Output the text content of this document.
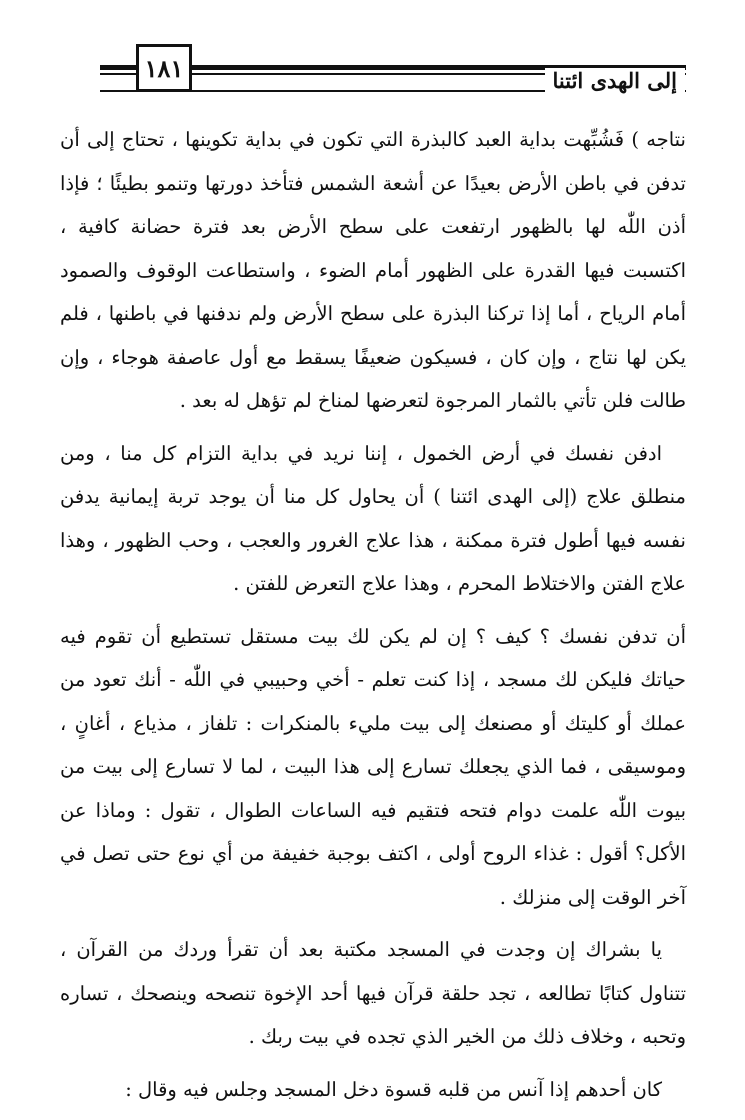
١٨١	إلى الهدى ائتنا

نتاجه ) فَشُبِّهت بداية العبد كالبذرة التي تكون في بداية تكوينها ، تحتاج إلى أن تدفن في باطن الأرض بعيدًا عن أشعة الشمس فتأخذ دورتها وتنمو بطيئًا ؛ فإذا أذن اللّٰه لها بالظهور ارتفعت على سطح الأرض بعد فترة حضانة كافية ، اكتسبت فيها القدرة على الظهور أمام الضوء ، واستطاعت الوقوف والصمود أمام الرياح ، أما إذا تركنا البذرة على سطح الأرض ولم ندفنها في باطنها ، فلم يكن لها نتاج ، وإن كان ، فسيكون ضعيفًا يسقط مع أول عاصفة هوجاء ، وإن طالت فلن تأتي بالثمار المرجوة لتعرضها لمناخ لم تؤهل له بعد .

ادفن نفسك في أرض الخمول ، إننا نريد في بداية التزام كل منا ، ومن منطلق علاج (إلى الهدى ائتنا ) أن يحاول كل منا أن يوجد تربة إيمانية يدفن نفسه فيها أطول فترة ممكنة ، هذا علاج الغرور والعجب ، وحب الظهور ، وهذا علاج الفتن والاختلاط المحرم ، وهذا علاج التعرض للفتن .

أن تدفن نفسك ؟ كيف ؟ إن لم يكن لك بيت مستقل تستطيع أن تقوم فيه حياتك فليكن لك مسجد ، إذا كنت تعلم - أخي وحبيبي في اللّٰه - أنك تعود من عملك أو كليتك أو مصنعك إلى بيت مليء بالمنكرات : تلفاز ، مذياع ، أغانٍ ، وموسيقى ، فما الذي يجعلك تسارع إلى هذا البيت ، لما لا تسارع إلى بيت من بيوت اللّٰه علمت دوام فتحه فتقيم فيه الساعات الطوال ، تقول : وماذا عن الأكل؟ أقول : غذاء الروح أولى ، اكتف بوجبة خفيفة من أي نوع حتى تصل في آخر الوقت إلى منزلك .

يا بشراك إن وجدت في المسجد مكتبة بعد أن تقرأ وردك من القرآن ، تتناول كتابًا تطالعه ، تجد حلقة قرآن فيها أحد الإخوة تنصحه وينصحك ، تساره وتحبه ، وخلاف ذلك من الخير الذي تجده في بيت ربك .

كان أحدهم إذا آنس من قلبه قسوة دخل المسجد وجلس فيه وقال :
